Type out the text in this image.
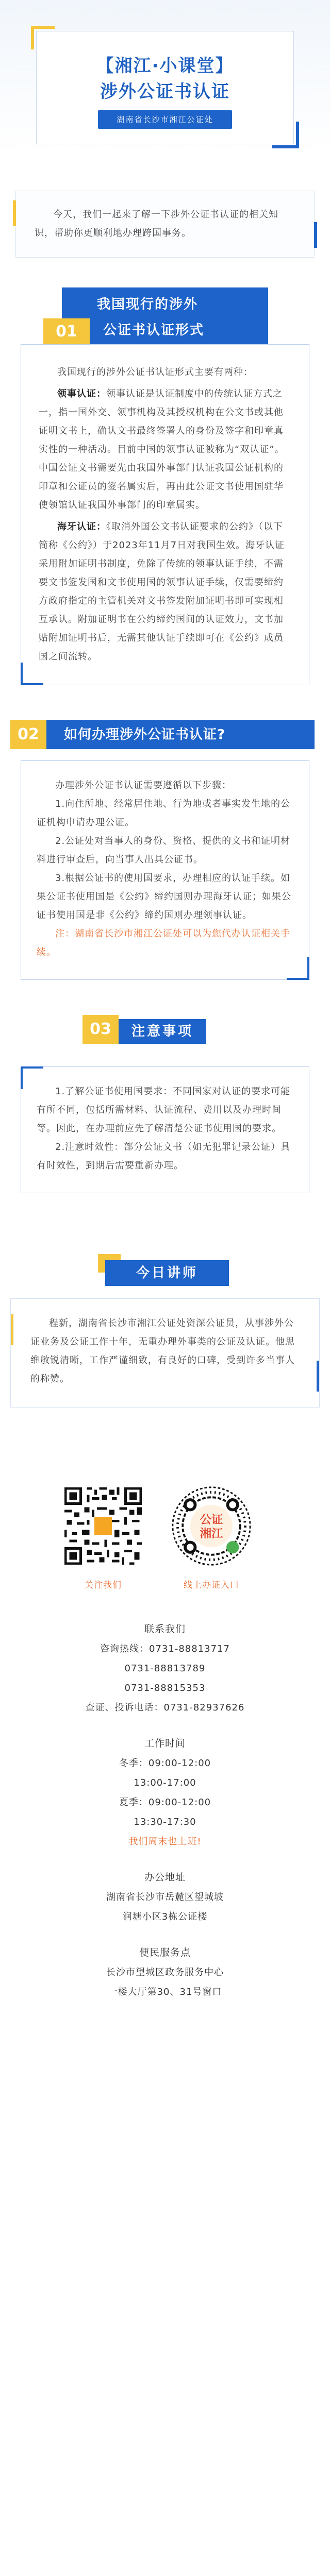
【湘江·小课堂】
涉外公证书认证
湖南省长沙市湘江公证处

今天，我们一起来了解一下涉外公证书认证的相关知识，帮助你更顺利地办理跨国事务。

01
我国现行的涉外
公证书认证形式

我国现行的涉外公证书认证形式主要有两种：

领事认证：领事认证是认证制度中的传统认证方式之一，指一国外交、领事机构及其授权机构在公文书或其他证明文书上，确认文书最终签署人的身份及签字和印章真实性的一种活动。目前中国的领事认证被称为“双认证”。中国公证文书需要先由我国外事部门认证我国公证机构的印章和公证员的签名属实后，再由此公证文书使用国驻华使领馆认证我国外事部门的印章属实。

海牙认证：《取消外国公文书认证要求的公约》（以下简称《公约》）于2023年11月7日对我国生效。海牙认证采用附加证明书制度，免除了传统的领事认证手续，不需要文书签发国和文书使用国的领事认证手续，仅需要缔约方政府指定的主管机关对文书签发附加证明书即可实现相互承认。附加证明书在公约缔约国间的认证效力，文书加贴附加证明书后，无需其他认证手续即可在《公约》成员国之间流转。

02	如何办理涉外公证书认证?

办理涉外公证书认证需要遵循以下步骤：

1.向住所地、经常居住地、行为地或者事实发生地的公证机构申请办理公证。

2.公证处对当事人的身份、资格、提供的文书和证明材料进行审查后，向当事人出具公证书。

3.根据公证书的使用国要求，办理相应的认证手续。如果公证书使用国是《公约》缔约国则办理海牙认证；如果公证书使用国是非《公约》缔约国则办理领事认证。

注：湖南省长沙市湘江公证处可以为您代办认证相关手续。

03	注意事项

1.了解公证书使用国要求：不同国家对认证的要求可能有所不同，包括所需材料、认证流程、费用以及办理时间等。因此，在办理前应先了解清楚公证书使用国的要求。

2.注意时效性：部分公证文书（如无犯罪记录公证）具有时效性，到期后需要重新办理。

今日讲师

程新，湖南省长沙市湘江公证处资深公证员，从事涉外公证业务及公证工作十年，无重办理外事类的公证及认证。他思维敏锐清晰，工作严谨细致，有良好的口碑，受到许多当事人的称赞。

公证
湘江
关注我们	线上办证入口
联系我们
咨询热线：0731-88813717
0731-88813789
0731-88815353
查证、投诉电话：0731-82937626
工作时间
冬季：09:00-12:00
13:00-17:00
夏季：09:00-12:00
13:30-17:30
我们周末也上班!
办公地址
湖南省长沙市岳麓区望城坡
润塘小区3栋公证楼
便民服务点
长沙市望城区政务服务中心
一楼大厅第30、31号窗口
